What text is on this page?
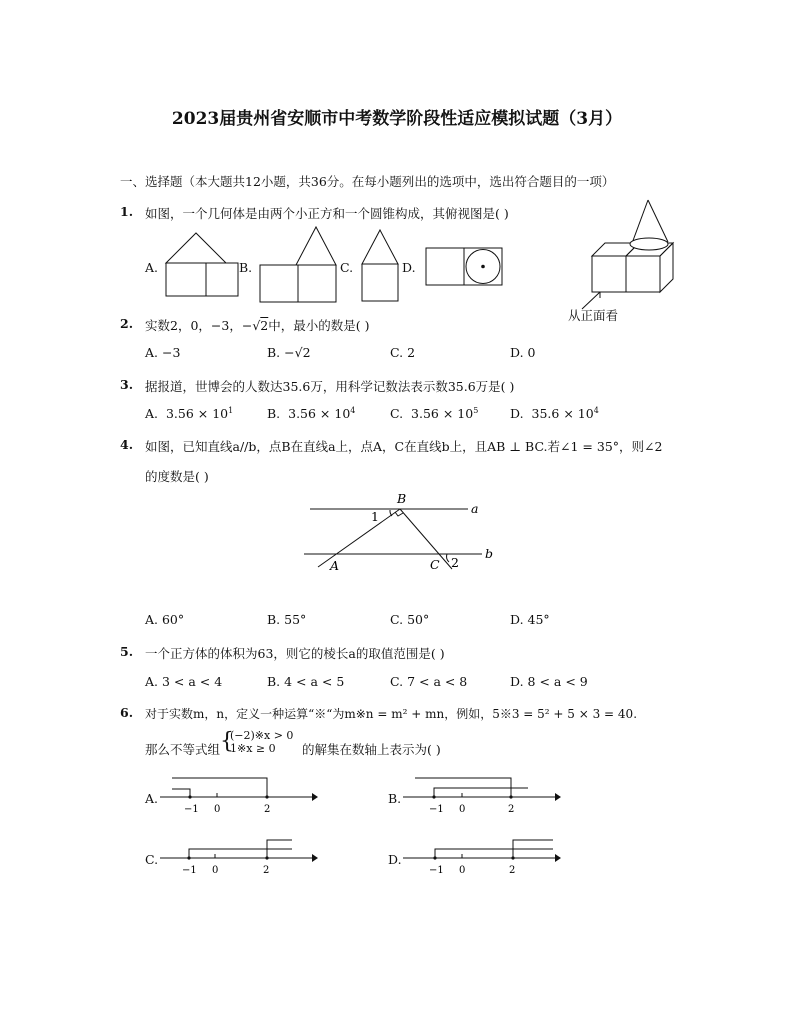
2023届贵州省安顺市中考数学阶段性适应模拟试题（3月）
一、选择题（本大题共12小题，共36分。在每小题列出的选项中，选出符合题目的一项）
1. 如图，一个几何体是由两个小正方和一个圆锥构成，其俯视图是( )
A.	B.	C.	D.
从正面看
2. 实数2，0，−3，−√2中，最小的数是( )
A. −3	B. −√2	C. 2	D. 0
3. 据报道，世博会的人数达35.6万，用科学记数法表示数35.6万是( )
A. $3.56 \times 10^1$	B. $3.56 \times 10^4$	C. $3.56 \times 10^5$	D. $35.6 \times 10^4$
4. 如图，已知直线a//b，点B在直线a上，点A，C在直线b上，且AB ⊥ BC.若∠1 = 35°，则∠2
的度数是( )
B
a
1
A	C 2
b
A. 60°	B. 55°	C. 50°	D. 45°
5. 一个正方体的体积为63，则它的棱长a的取值范围是( )
A. 3 < a < 4	B. 4 < a < 5	C. 7 < a < 8	D. 8 < a < 9
6. 对于实数m，n，定义一种运算“※“为m※n = m² + mn，例如，5※3 = 5² + 5 × 3 = 40.
那么不等式组 {
(−2)※x > 0
1※x ≥ 0	的解集在数轴上表示为( )
A.	B.
C.	D.
−1 0	2	−1 0	2
−1 0	2	−1 0	2
